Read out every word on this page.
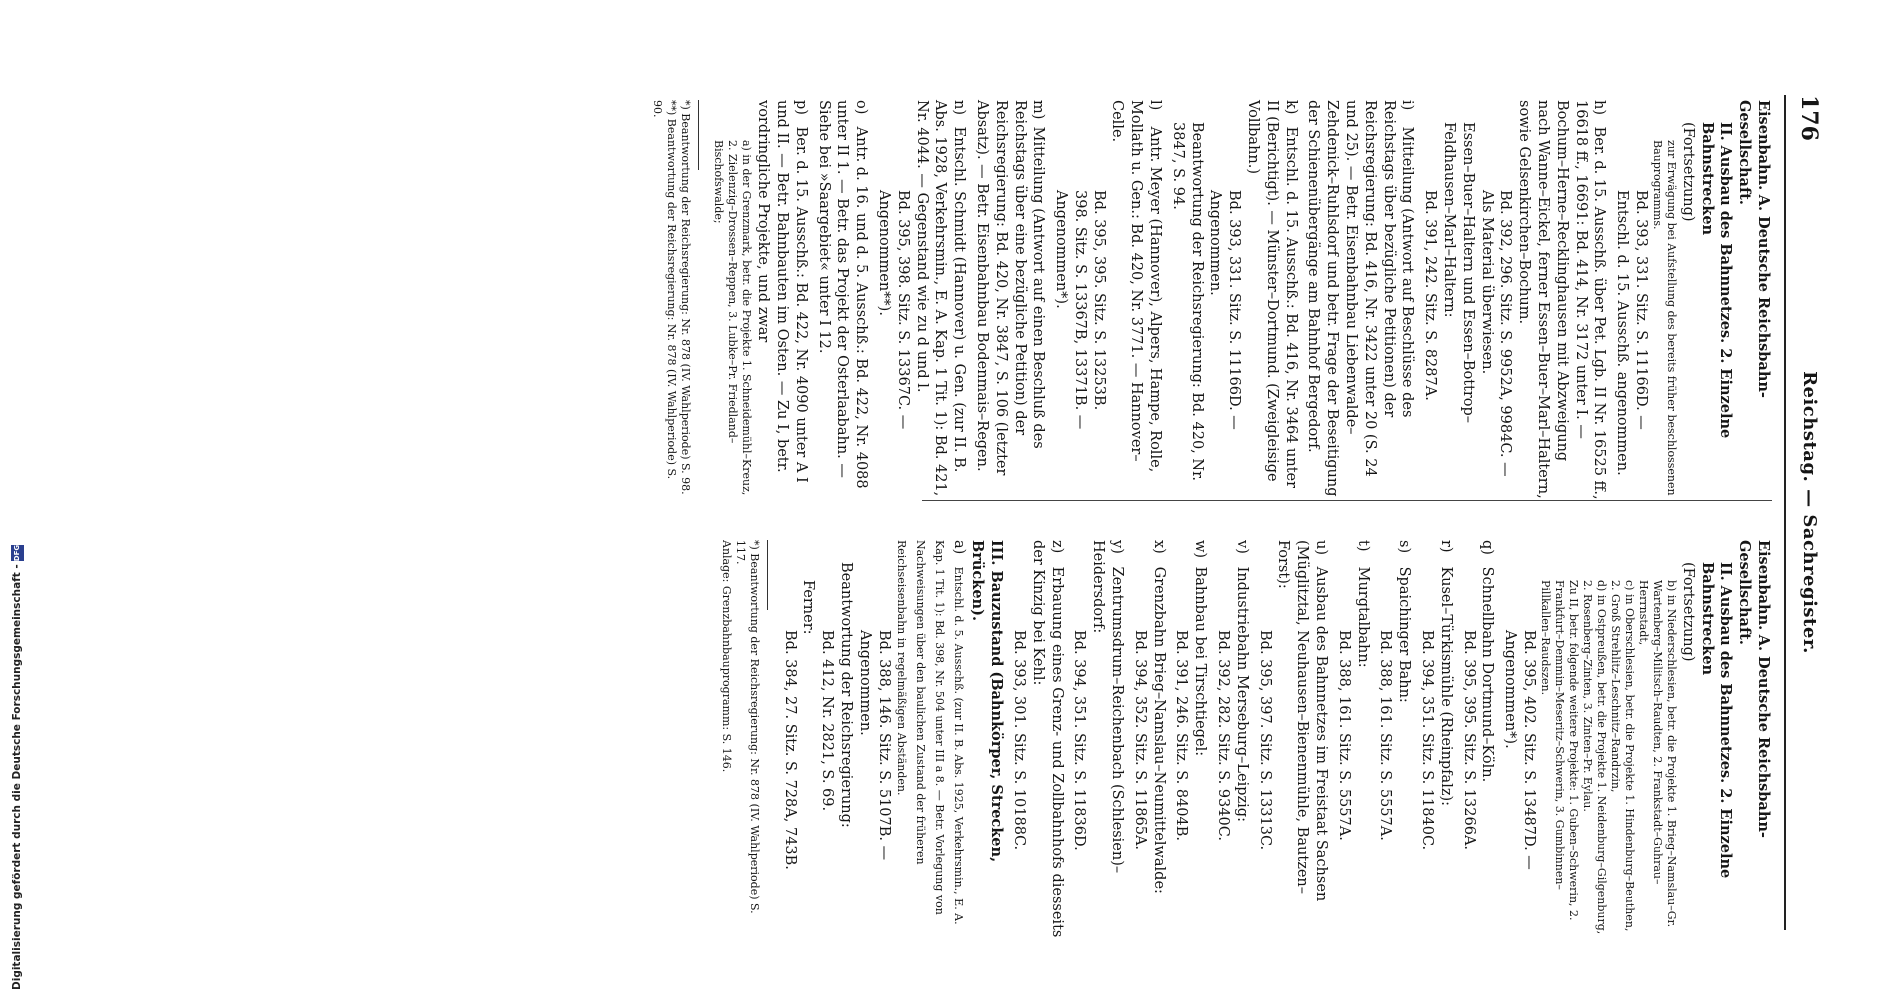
Digitalisierung gefördert durch die Deutsche Forschungsgemeinschaft -
DFG
176
Reichstag. — Sachregister.

Eisenbahn. A. Deutsche Reichsbahn-Gesellschaft.

II. Ausbau des Bahnnetzes. 2. Einzelne Bahnstrecken

(Fortsetzung)

zur Erwägung bei Aufstellung des bereits früher beschlossenen Bauprogramms.

Bd. 393, 331. Sitz. S. 11166D. —

Entschl. d. 15. Ausschß. angenommen.

h) Ber. d. 15. Ausschß. über Pet. Lgb. II Nr. 16525 ff., 16618 ff., 16691: Bd. 414, Nr. 3172 unter I. — Bochum–Herne–Recklinghausen mit Abzweigung nach Wanne–Eickel, ferner Essen–Buer–Marl–Haltern, sowie Gelsenkirchen–Bochum.

Bd. 392, 296. Sitz. S. 9952A, 9984C. — Als Material überwiesen.

Essen–Buer–Haltern und Essen–Bottrop–Feldhausen–Marl–Haltern:

Bd. 391, 242. Sitz. S. 8287A.

i) Mitteilung (Antwort auf Beschlüsse des Reichstags über bezügliche Petitionen) der Reichsregierung: Bd. 416, Nr. 3422 unter 20 (S. 24 und 25). — Betr. Eisenbahnbau Liebenwalde–Zehdenick–Ruhlsdorf und betr. Frage der Beseitigung der Schienenübergänge am Bahnhof Bergedorf.

k) Entschl. d. 15. Ausschß.: Bd. 416, Nr. 3464 unter II (Berichtigt). — Münster–Dortmund. (Zweigleisige Vollbahn.)

Bd. 393, 331. Sitz. S. 11166D. — Angenommen.

Beantwortung der Reichsregierung: Bd. 420, Nr. 3847, S. 94.

l) Antr. Meyer (Hannover), Alpers, Hampe, Rolle, Mollath u. Gen.: Bd. 420, Nr. 3771. — Hannover–Celle.

Bd. 395, 395. Sitz. S. 13253B.

398. Sitz. S. 13367B, 13371B. — Angenommen*).

m) Mitteilung (Antwort auf einen Beschluß des Reichstags über eine bezügliche Petition) der Reichsregierung: Bd. 420, Nr. 3847, S. 106 (letzter Absatz). — Betr. Eisenbahnbau Bodenmais–Regen.

n) Entschl. Schmidt (Hannover) u. Gen. (zur II. B. Abs. 1928, Verkehrsmin., E. A. Kap. 1 Tit. 1): Bd. 421, Nr. 4044. — Gegenstand wie zu d und l.

Bd. 395, 398. Sitz. S. 13367C. — Angenommen**).

o) Antr. d. 16. und d. 5. Ausschß.: Bd. 422, Nr. 4088 unter II 1. — Betr. das Projekt der Osterlaabahn. — Siehe bei »Saargebiet« unter I 12.

p) Ber. d. 15. Ausschß.: Bd. 422, Nr. 4090 unter A I und II. — Betr. Bahnbauten im Osten. — Zu I, betr. vordringliche Projekte, und zwar

a) in der Grenzmark, betr. die Projekte 1. Schneidemühl–Kreuz, 2. Zielenzig–Drossen–Reppen, 3. Lubke–Pr. Friedland–Bischofswalde;

*) Beantwortung der Reichsregierung: Nr. 878 (IV. Wahlperiode) S. 98.

**) Beantwortung der Reichsregierung: Nr. 878 (IV. Wahlperiode) S. 90.

Eisenbahn. A. Deutsche Reichsbahn-Gesellschaft.

II. Ausbau des Bahnnetzes. 2. Einzelne Bahnstrecken

(Fortsetzung)

b) in Niederschlesien, betr. die Projekte 1. Brieg–Namslau–Gr. Wartenberg–Militsch–Raudten, 2. Frankstadt–Guhrau–Herrnstadt,

c) in Oberschlesien, betr. die Projekte 1. Hindenburg–Beuthen, 2. Groß Strehlitz–Leschnitz–Randrzin,

d) in Ostpreußen, betr. die Projekte 1. Neidenburg–Gilgenburg, 2. Rosenberg–Zinten, 3. Zinten–Pr. Eylau.

Zu II, betr. folgende weitere Projekte: 1. Guben–Schwerin, 2. Frankfurt–Demmin–Meseritz–Schwerin, 3. Gumbinnen–Pillkallen–Raudszen.

Bd. 395, 402. Sitz. S. 13487D. — Angenommen*).

q) Schnellbahn Dortmund–Köln.

Bd. 395, 395. Sitz. S. 13266A.

r) Kusel–Türkismühle (Rheinpfalz):

Bd. 394, 351. Sitz. S. 11840C.

s) Spaichinger Bahn:

Bd. 388, 161. Sitz. S. 5557A.

t) Murgtalbahn:

Bd. 388, 161. Sitz. S. 5557A.

u) Ausbau des Bahnnetzes im Freistaat Sachsen (Müglitztal, Neuhausen–Bienenmühle, Bautzen–Forst):

Bd. 395, 397. Sitz. S. 13313C.

v) Industriebahn Merseburg–Leipzig:

Bd. 392, 282. Sitz. S. 9340C.

w) Bahnbau bei Tirschtiegel:

Bd. 391, 246. Sitz. S. 8404B.

x) Grenzbahn Brieg–Namslau–Neumittelwalde:

Bd. 394, 352. Sitz. S. 11865A.

y) Zentrumsdrum–Reichenbach (Schlesien)–Heidersdorf:

Bd. 394, 351. Sitz. S. 11836D.

z) Erbauung eines Grenz- und Zollbahnhofs diesseits der Kinzig bei Kehl:

Bd. 393, 301. Sitz. S. 10188C.

III. Bauzustand (Bahnkörper, Strecken, Brücken).

a) Entschl. d. 5. Ausschß. (zur II. B. Abs. 1925, Verkehrsmin., E. A. Kap. 1 Tit. 1): Bd. 398, Nr. 504 unter III a 8. — Betr. Vorlegung von Nachweisungen über den baulichen Zustand der früheren Reichseisenbahn in regelmäßigen Abständen.

Bd. 388, 146. Sitz. S. 5107B. — Angenommen.

Beantwortung der Reichsregierung:

Bd. 412, Nr. 2821, S. 69.

Ferner:

Bd. 384, 27. Sitz. S. 728A, 743B.

*) Beantwortung der Reichsregierung: Nr. 878 (IV. Wahlperiode) S. 117.

Anlage: Grenzbahnbauprogramm: S. 146.
